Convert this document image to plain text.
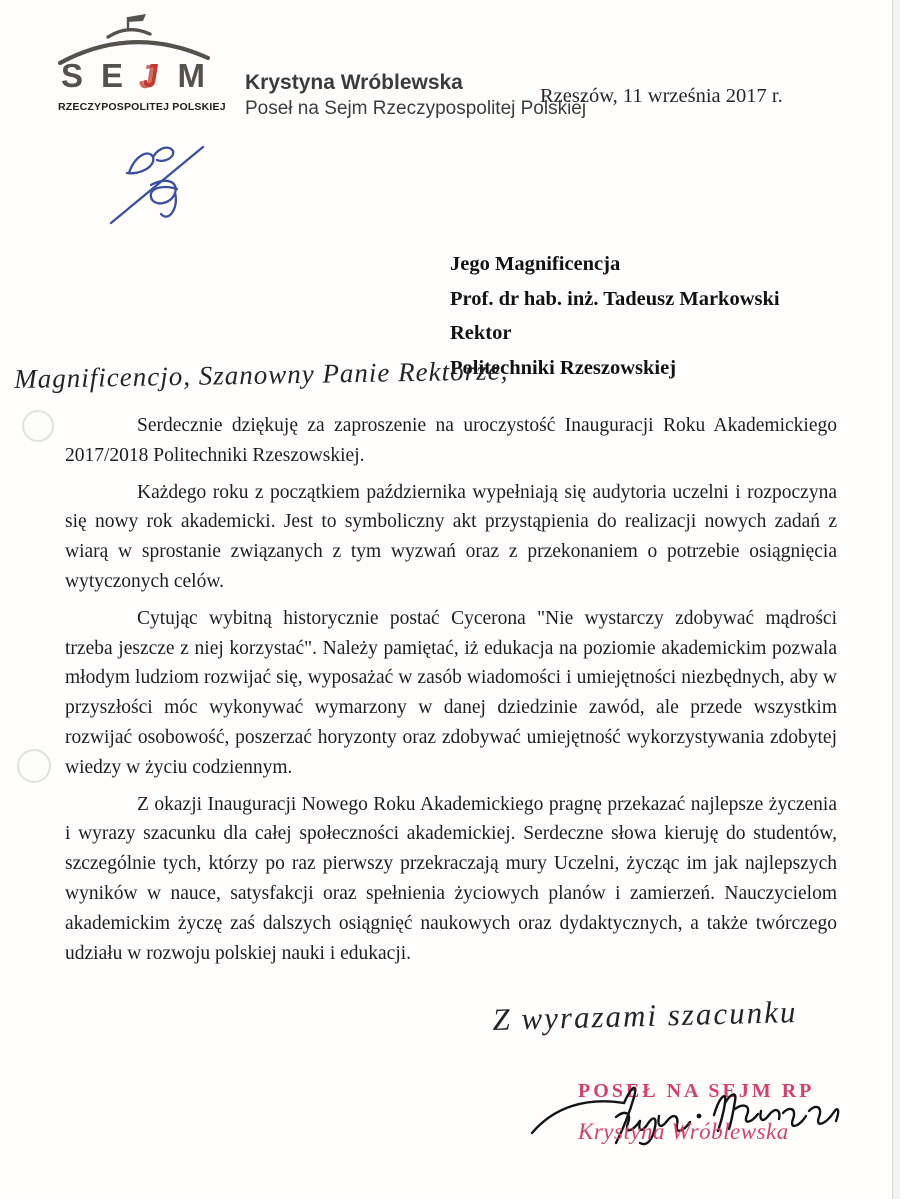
S E J M
RZECZYPOSPOLITEJ POLSKIEJ
Krystyna Wróblewska
Poseł na Sejm Rzeczypospolitej Polskiej
Rzeszów, 11 września 2017 r.
Jego Magnificencja
Prof. dr hab. inż. Tadeusz Markowski
Rektor
Politechniki Rzeszowskiej
Magnificencjo, Szanowny Panie Rektorze,

Serdecznie dziękuję za zaproszenie na uroczystość Inauguracji Roku Akademickiego 2017/2018 Politechniki Rzeszowskiej.

Każdego roku z początkiem października wypełniają się audytoria uczelni i rozpoczyna się nowy rok akademicki. Jest to symboliczny akt przystąpienia do realizacji nowych zadań z wiarą w sprostanie związanych z tym wyzwań oraz z przekonaniem o potrzebie osiągnięcia wytyczonych celów.

Cytując wybitną historycznie postać Cycerona "Nie wystarczy zdobywać mądrości trzeba jeszcze z niej korzystać". Należy pamiętać, iż edukacja na poziomie akademickim pozwala młodym ludziom rozwijać się, wyposażać w zasób wiadomości i umiejętności niezbędnych, aby w przyszłości móc wykonywać wymarzony w danej dziedzinie zawód, ale przede wszystkim rozwijać osobowość, poszerzać horyzonty oraz zdobywać umiejętność wykorzystywania zdobytej wiedzy w życiu codziennym.

Z okazji Inauguracji Nowego Roku Akademickiego pragnę przekazać najlepsze życzenia i wyrazy szacunku dla całej społeczności akademickiej. Serdeczne słowa kieruję do studentów, szczególnie tych, którzy po raz pierwszy przekraczają mury Uczelni, życząc im jak najlepszych wyników w nauce, satysfakcji oraz spełnienia życiowych planów i zamierzeń. Nauczycielom akademickim życzę zaś dalszych osiągnięć naukowych oraz dydaktycznych, a także twórczego udziału w rozwoju polskiej nauki i edukacji.

Z wyrazami szacunku
POSEŁ NA SEJM RP
Krystyna Wróblewska
